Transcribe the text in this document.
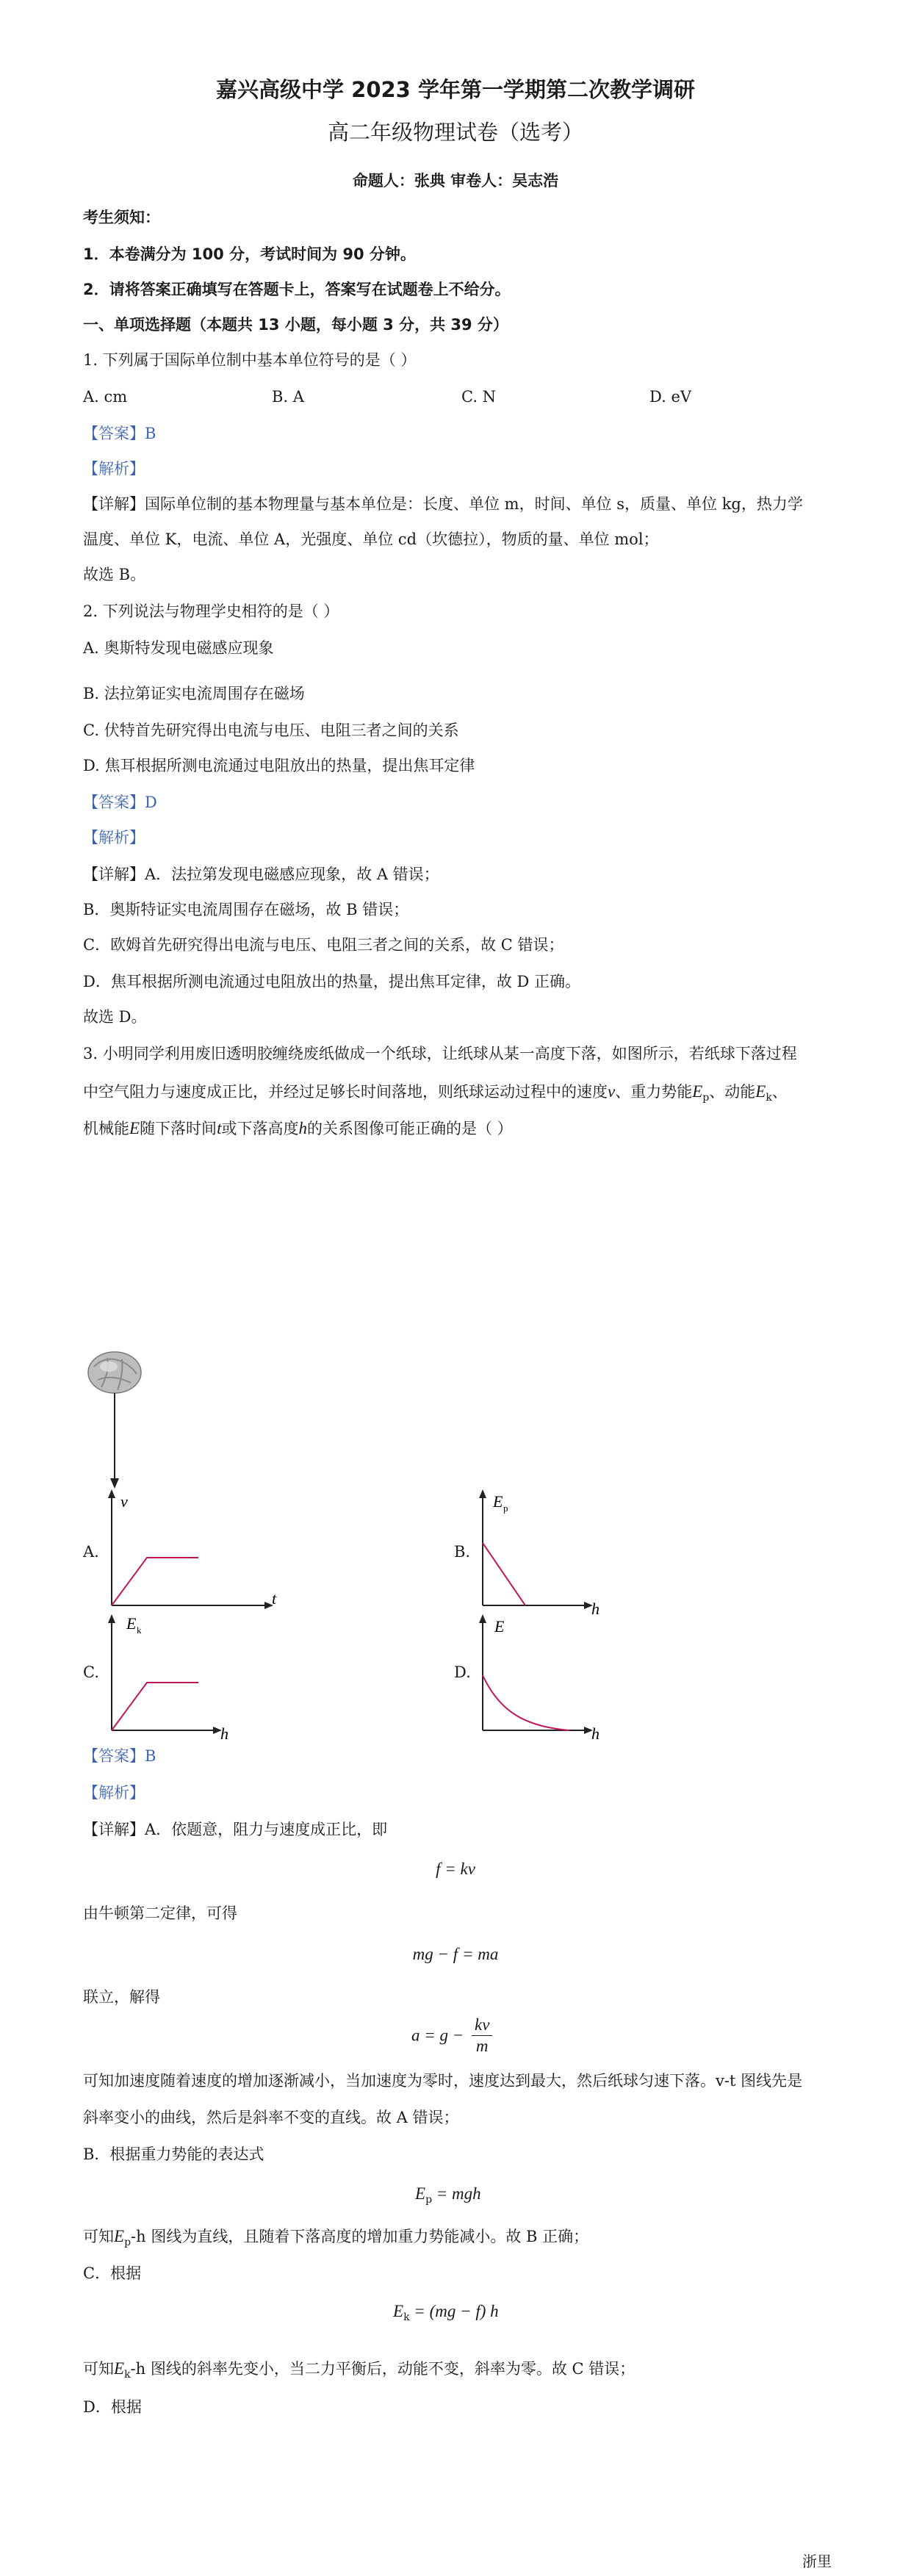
嘉兴高级中学 2023 学年第一学期第二次教学调研
高二年级物理试卷（选考）
命题人：张典 审卷人：吴志浩
考生须知：
1．本卷满分为 100 分，考试时间为 90 分钟。
2．请将答案正确填写在答题卡上，答案写在试题卷上不给分。
一、单项选择题（本题共 13 小题，每小题 3 分，共 39 分）
1. 下列属于国际单位制中基本单位符号的是（ ）
A. cm	B. A	C. N	D. eV
【答案】B
【解析】
【详解】国际单位制的基本物理量与基本单位是：长度、单位 m，时间、单位 s，质量、单位 kg，热力学
温度、单位 K，电流、单位 A，光强度、单位 cd（坎德拉），物质的量、单位 mol；
故选 B。
2. 下列说法与物理学史相符的是（ ）
A. 奥斯特发现电磁感应现象
B. 法拉第证实电流周围存在磁场
C. 伏特首先研究得出电流与电压、电阻三者之间的关系
D. 焦耳根据所测电流通过电阻放出的热量，提出焦耳定律
【答案】D
【解析】
【详解】A．法拉第发现电磁感应现象，故 A 错误；
B．奥斯特证实电流周围存在磁场，故 B 错误；
C．欧姆首先研究得出电流与电压、电阻三者之间的关系，故 C 错误；
D．焦耳根据所测电流通过电阻放出的热量，提出焦耳定律，故 D 正确。
故选 D。
3. 小明同学利用废旧透明胶缠绕废纸做成一个纸球，让纸球从某一高度下落，如图所示，若纸球下落过程
中空气阻力与速度成正比，并经过足够长时间落地，则纸球运动过程中的速度v、重力势能$E_p$、动能$E_k$、
机械能E随下落时间t或下落高度h的关系图像可能正确的是（ ）
A.
v
t
B.
E p
h
C.
E k
h
D.
E
h
【答案】B
【解析】
【详解】A．依题意，阻力与速度成正比，即
f = kv
由牛顿第二定律，可得
mg − f = ma
联立，解得
$a = g - \frac{kv}{m}$
可知加速度随着速度的增加逐渐减小，当加速度为零时，速度达到最大，然后纸球匀速下落。v-t 图线先是
斜率变小的曲线，然后是斜率不变的直线。故 A 错误；
B．根据重力势能的表达式
$E_p$ = mgh
可知$E_p-h$ 图线为直线，且随着下落高度的增加重力势能减小。故 B 正确；
C．根据
$E_k = (mg - f)$ h
可知$E_k-h$ 图线的斜率先变小，当二力平衡后，动能不变，斜率为零。故 C 错误；
D．根据
浙里
